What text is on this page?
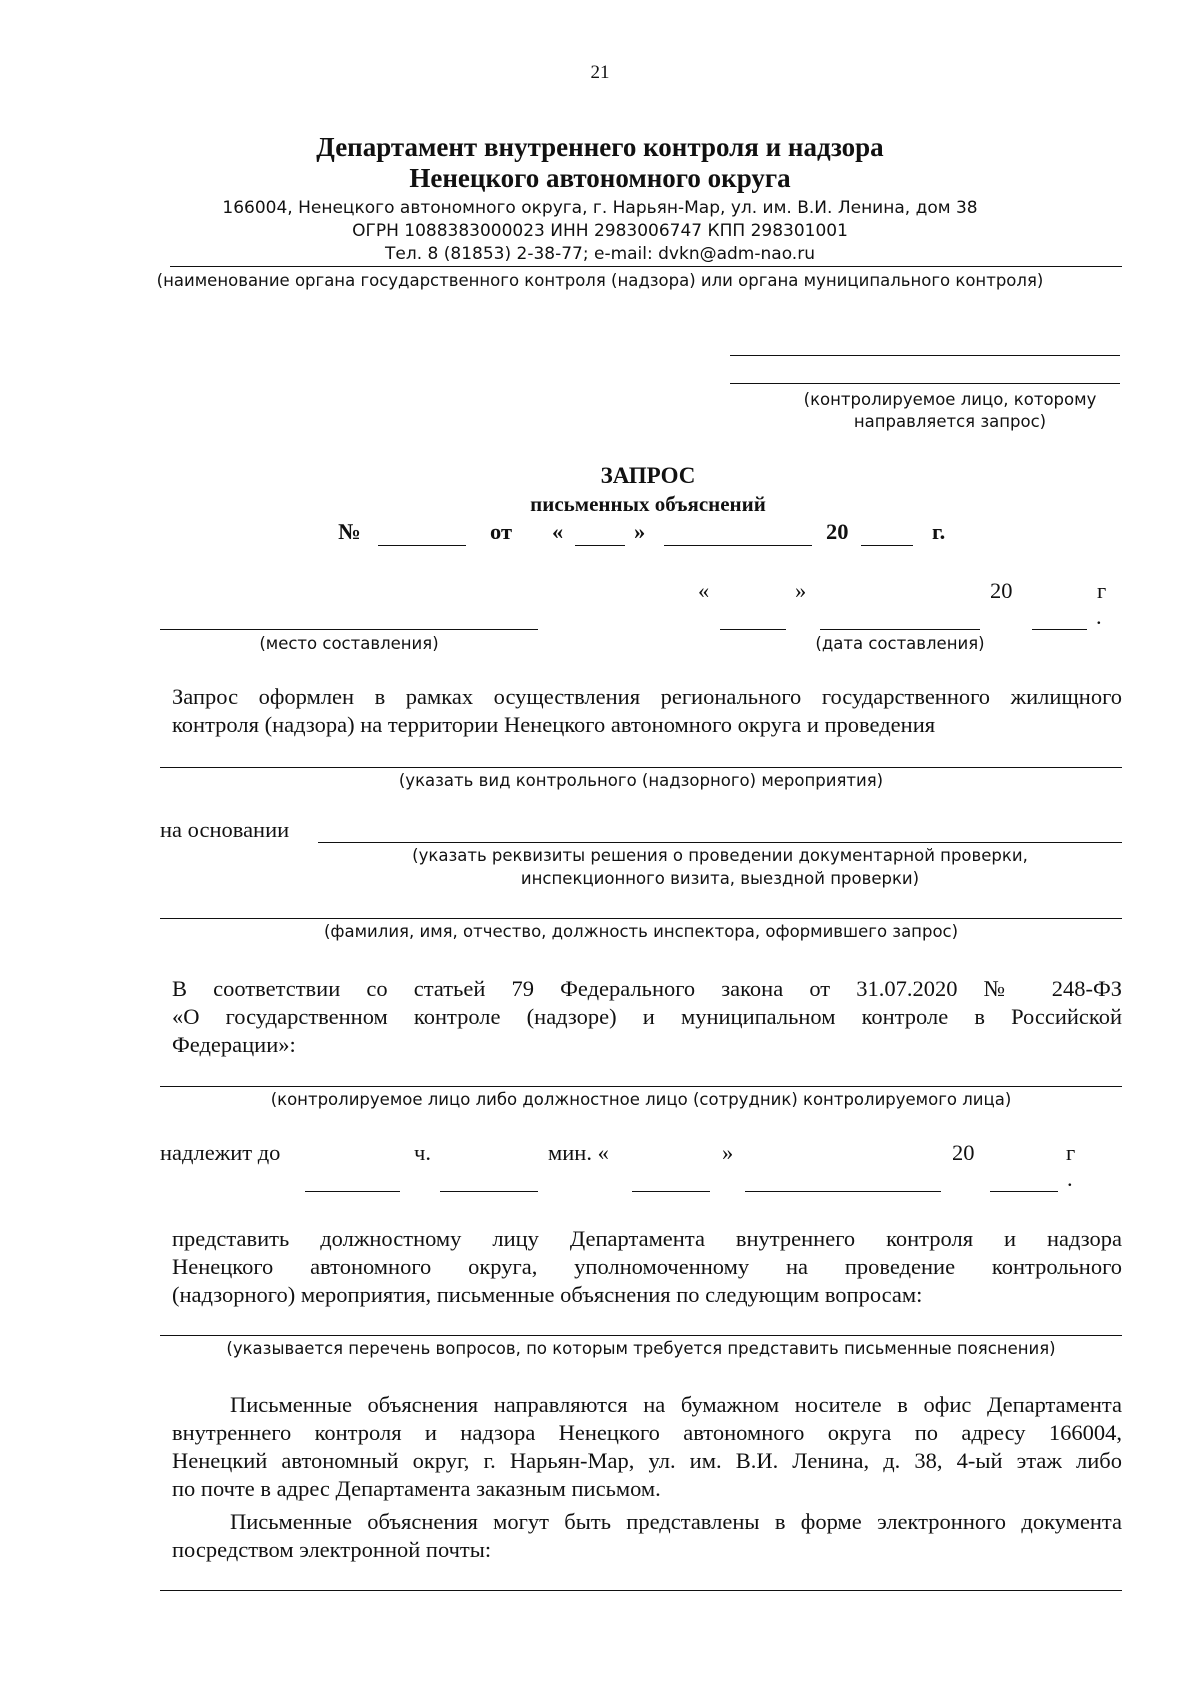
21
Департамент внутреннего контроля и надзора
Ненецкого автономного округа
166004, Ненецкого автономного округа, г. Нарьян-Мар, ул. им. В.И. Ленина, дом 38
ОГРН 1088383000023 ИНН 2983006747 КПП 298301001
Тел. 8 (81853) 2-38-77; e-mail: dvkn@adm-nao.ru
(наименование органа государственного контроля (надзора) или органа муниципального контроля)
(контролируемое лицо, которому
направляется запрос)
ЗАПРОС
письменных объяснений
№	от «	»	20	г.
«	»	20	г
.
(место составления)	(дата составления)
Запрос оформлен в рамках осуществления регионального государственного жилищного
контроля (надзора) на территории Ненецкого автономного округа и проведения
(указать вид контрольного (надзорного) мероприятия)
на основании
(указать реквизиты решения о проведении документарной проверки,
инспекционного визита, выездной проверки)
(фамилия, имя, отчество, должность инспектора, оформившего запрос)
В соответствии со статьей 79 Федерального закона от 31.07.2020 № 248-ФЗ
«О государственном контроле (надзоре) и муниципальном контроле в Российской
Федерации»:
(контролируемое лицо либо должностное лицо (сотрудник) контролируемого лица)
надлежит до	ч.	мин. «	»	20	г
.
представить должностному лицу Департамента внутреннего контроля и надзора
Ненецкого автономного округа, уполномоченному на проведение контрольного
(надзорного) мероприятия, письменные объяснения по следующим вопросам:
(указывается перечень вопросов, по которым требуется представить письменные пояснения)
Письменные объяснения направляются на бумажном носителе в офис Департамента
внутреннего контроля и надзора Ненецкого автономного округа по адресу 166004,
Ненецкий автономный округ, г. Нарьян-Мар, ул. им. В.И. Ленина, д. 38, 4-ый этаж либо
по почте в адрес Департамента заказным письмом.
Письменные объяснения могут быть представлены в форме электронного документа
посредством электронной почты:
